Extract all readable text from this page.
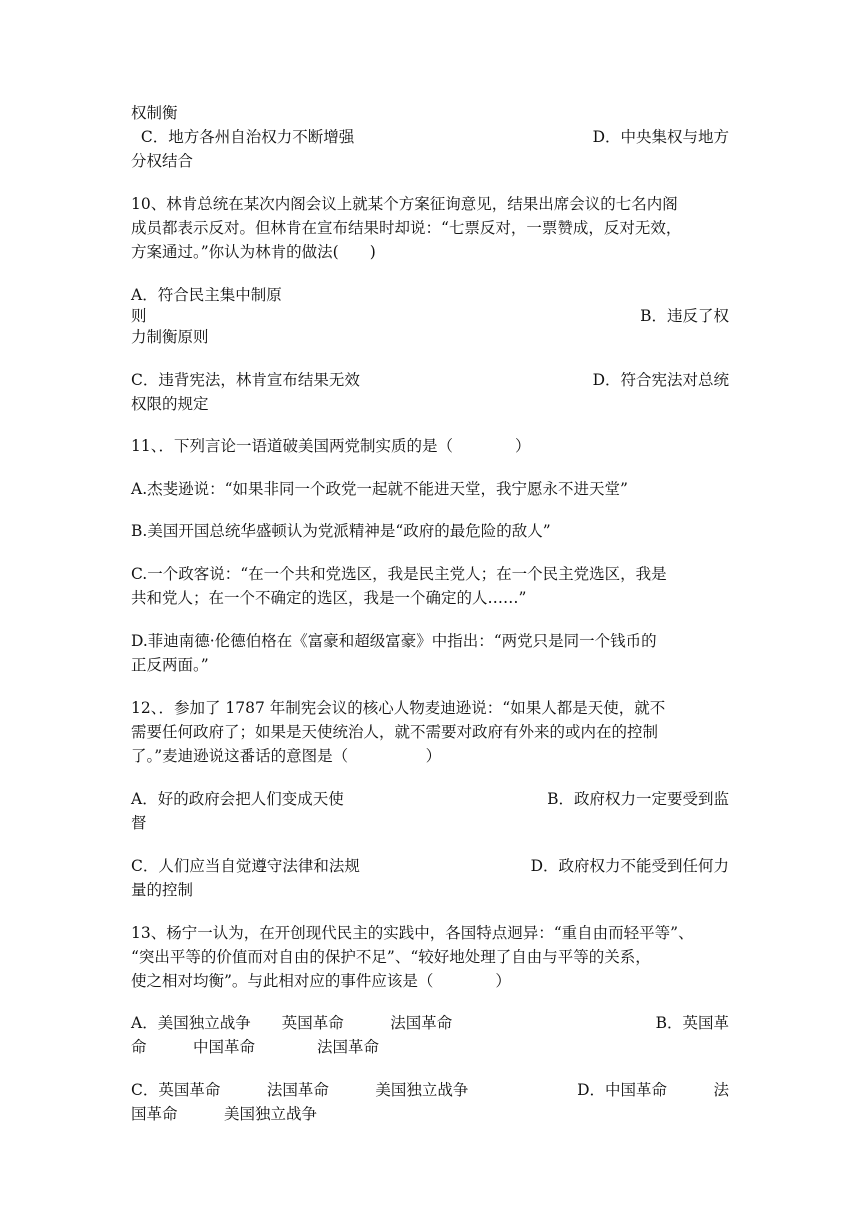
权制衡
C．地方各州自治权力不断增强	D．中央集权与地方
分权结合
10、林肯总统在某次内阁会议上就某个方案征询意见，结果出席会议的七名内阁
成员都表示反对。但林肯在宣布结果时却说：“七票反对，一票赞成，反对无效，
方案通过。”你认为林肯的做法(　　)
A．符合民主集中制原
则	B．违反了权
力制衡原则
C．违背宪法，林肯宣布结果无效	D．符合宪法对总统
权限的规定
11、．下列言论一语道破美国两党制实质的是（　　　　）
A.杰斐逊说：“如果非同一个政党一起就不能进天堂，我宁愿永不进天堂”
B.美国开国总统华盛顿认为党派精神是“政府的最危险的敌人”
C.一个政客说：“在一个共和党选区，我是民主党人；在一个民主党选区，我是
共和党人；在一个不确定的选区，我是一个确定的人……”
D.菲迪南德·伦德伯格在《富豪和超级富豪》中指出：“两党只是同一个钱币的
正反两面。”
12、．参加了 1787 年制宪会议的核心人物麦迪逊说：“如果人都是天使，就不
需要任何政府了；如果是天使统治人，就不需要对政府有外来的或内在的控制
了。”麦迪逊说这番话的意图是（　　　　　）
A．好的政府会把人们变成天使	B．政府权力一定要受到监
督
C．人们应当自觉遵守法律和法规	D．政府权力不能受到任何力
量的控制
13、杨宁一认为，在开创现代民主的实践中，各国特点迥异：“重自由而轻平等”、
“突出平等的价值而对自由的保护不足”、“较好地处理了自由与平等的关系，
使之相对均衡”。与此相对应的事件应该是（　　　　）
A．美国独立战争　　英国革命　　　法国革命	B．英国革
命　　　中国革命　　　　法国革命
C．英国革命　　　法国革命　　　美国独立战争	D．中国革命　　　法
国革命　　　美国独立战争
